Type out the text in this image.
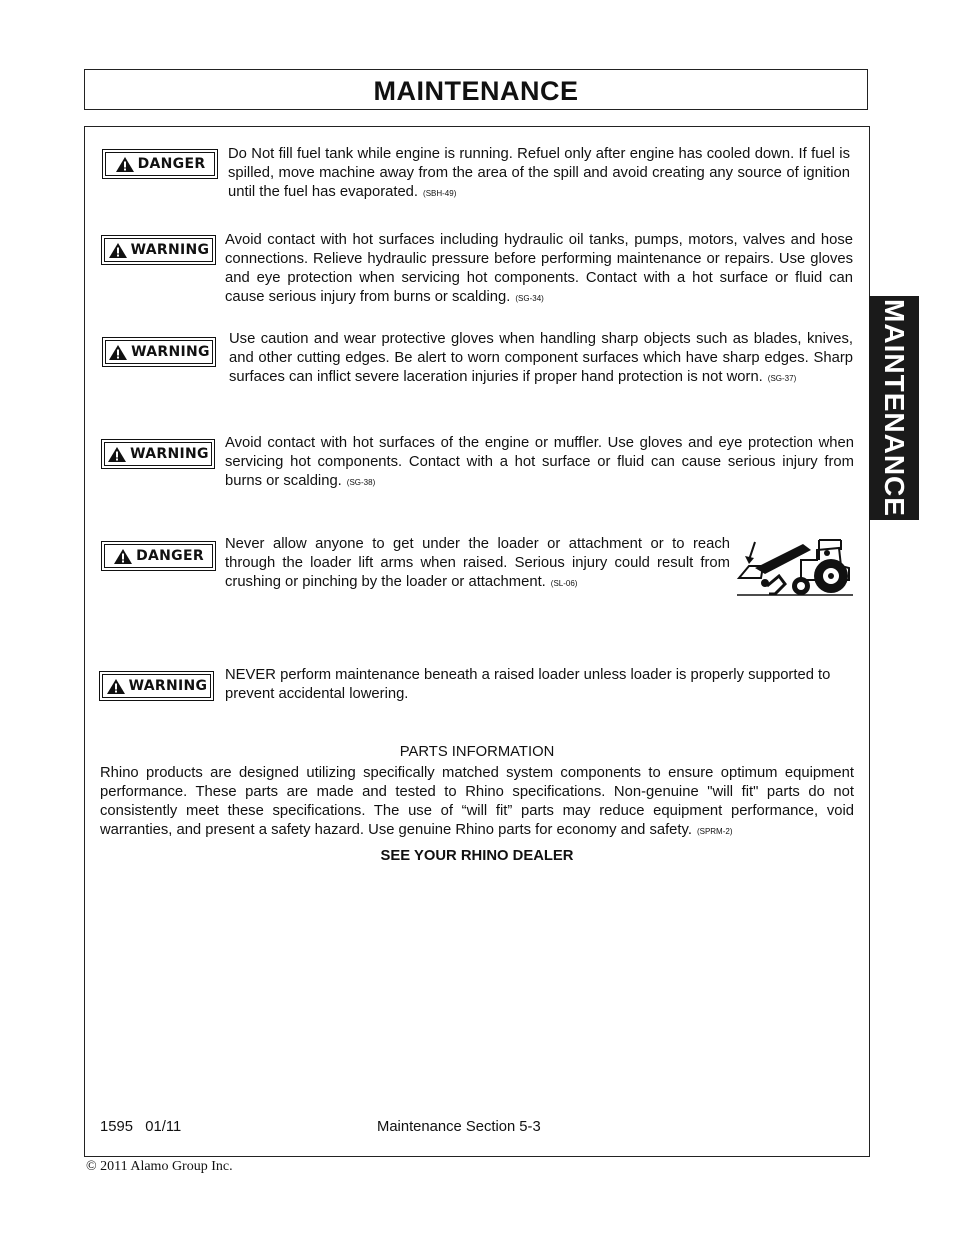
MAINTENANCE
MAINTENANCE
DANGER
Do Not fill fuel tank while engine is running. Refuel only after engine has cooled down. If fuel is spilled, move machine away from the area of the spill and avoid creating any source of ignition until the fuel has evaporated. (SBH-49)
WARNING
Avoid contact with hot surfaces including hydraulic oil tanks, pumps, motors, valves and hose connections. Relieve hydraulic pressure before performing maintenance or repairs. Use gloves and eye protection when servicing hot components. Contact with a hot surface or fluid can cause serious injury from burns or scalding. (SG-34)
WARNING
Use caution and wear protective gloves when handling sharp objects such as blades, knives, and other cutting edges. Be alert to worn component surfaces which have sharp edges. Sharp surfaces can inflict severe laceration injuries if proper hand protection is not worn. (SG-37)
WARNING
Avoid contact with hot surfaces of the engine or muffler. Use gloves and eye protection when servicing hot components. Contact with a hot surface or fluid can cause serious injury from burns or scalding. (SG-38)
DANGER
Never allow anyone to get under the loader or attachment or to reach through the loader lift arms when raised. Serious injury could result from crushing or pinching by the loader or attachment. (SL-06)
WARNING
NEVER perform maintenance beneath a raised loader unless loader is properly supported to prevent accidental lowering.
PARTS INFORMATION
Rhino products are designed utilizing specifically matched system components to ensure optimum equipment performance. These parts are made and tested to Rhino specifications. Non-genuine "will fit" parts do not consistently meet these specifications. The use of “will fit” parts may reduce equipment performance, void warranties, and present a safety hazard. Use genuine Rhino parts for economy and safety. (SPRM-2)
SEE YOUR RHINO DEALER
1595   01/11	Maintenance Section 5-3
© 2011 Alamo Group Inc.
